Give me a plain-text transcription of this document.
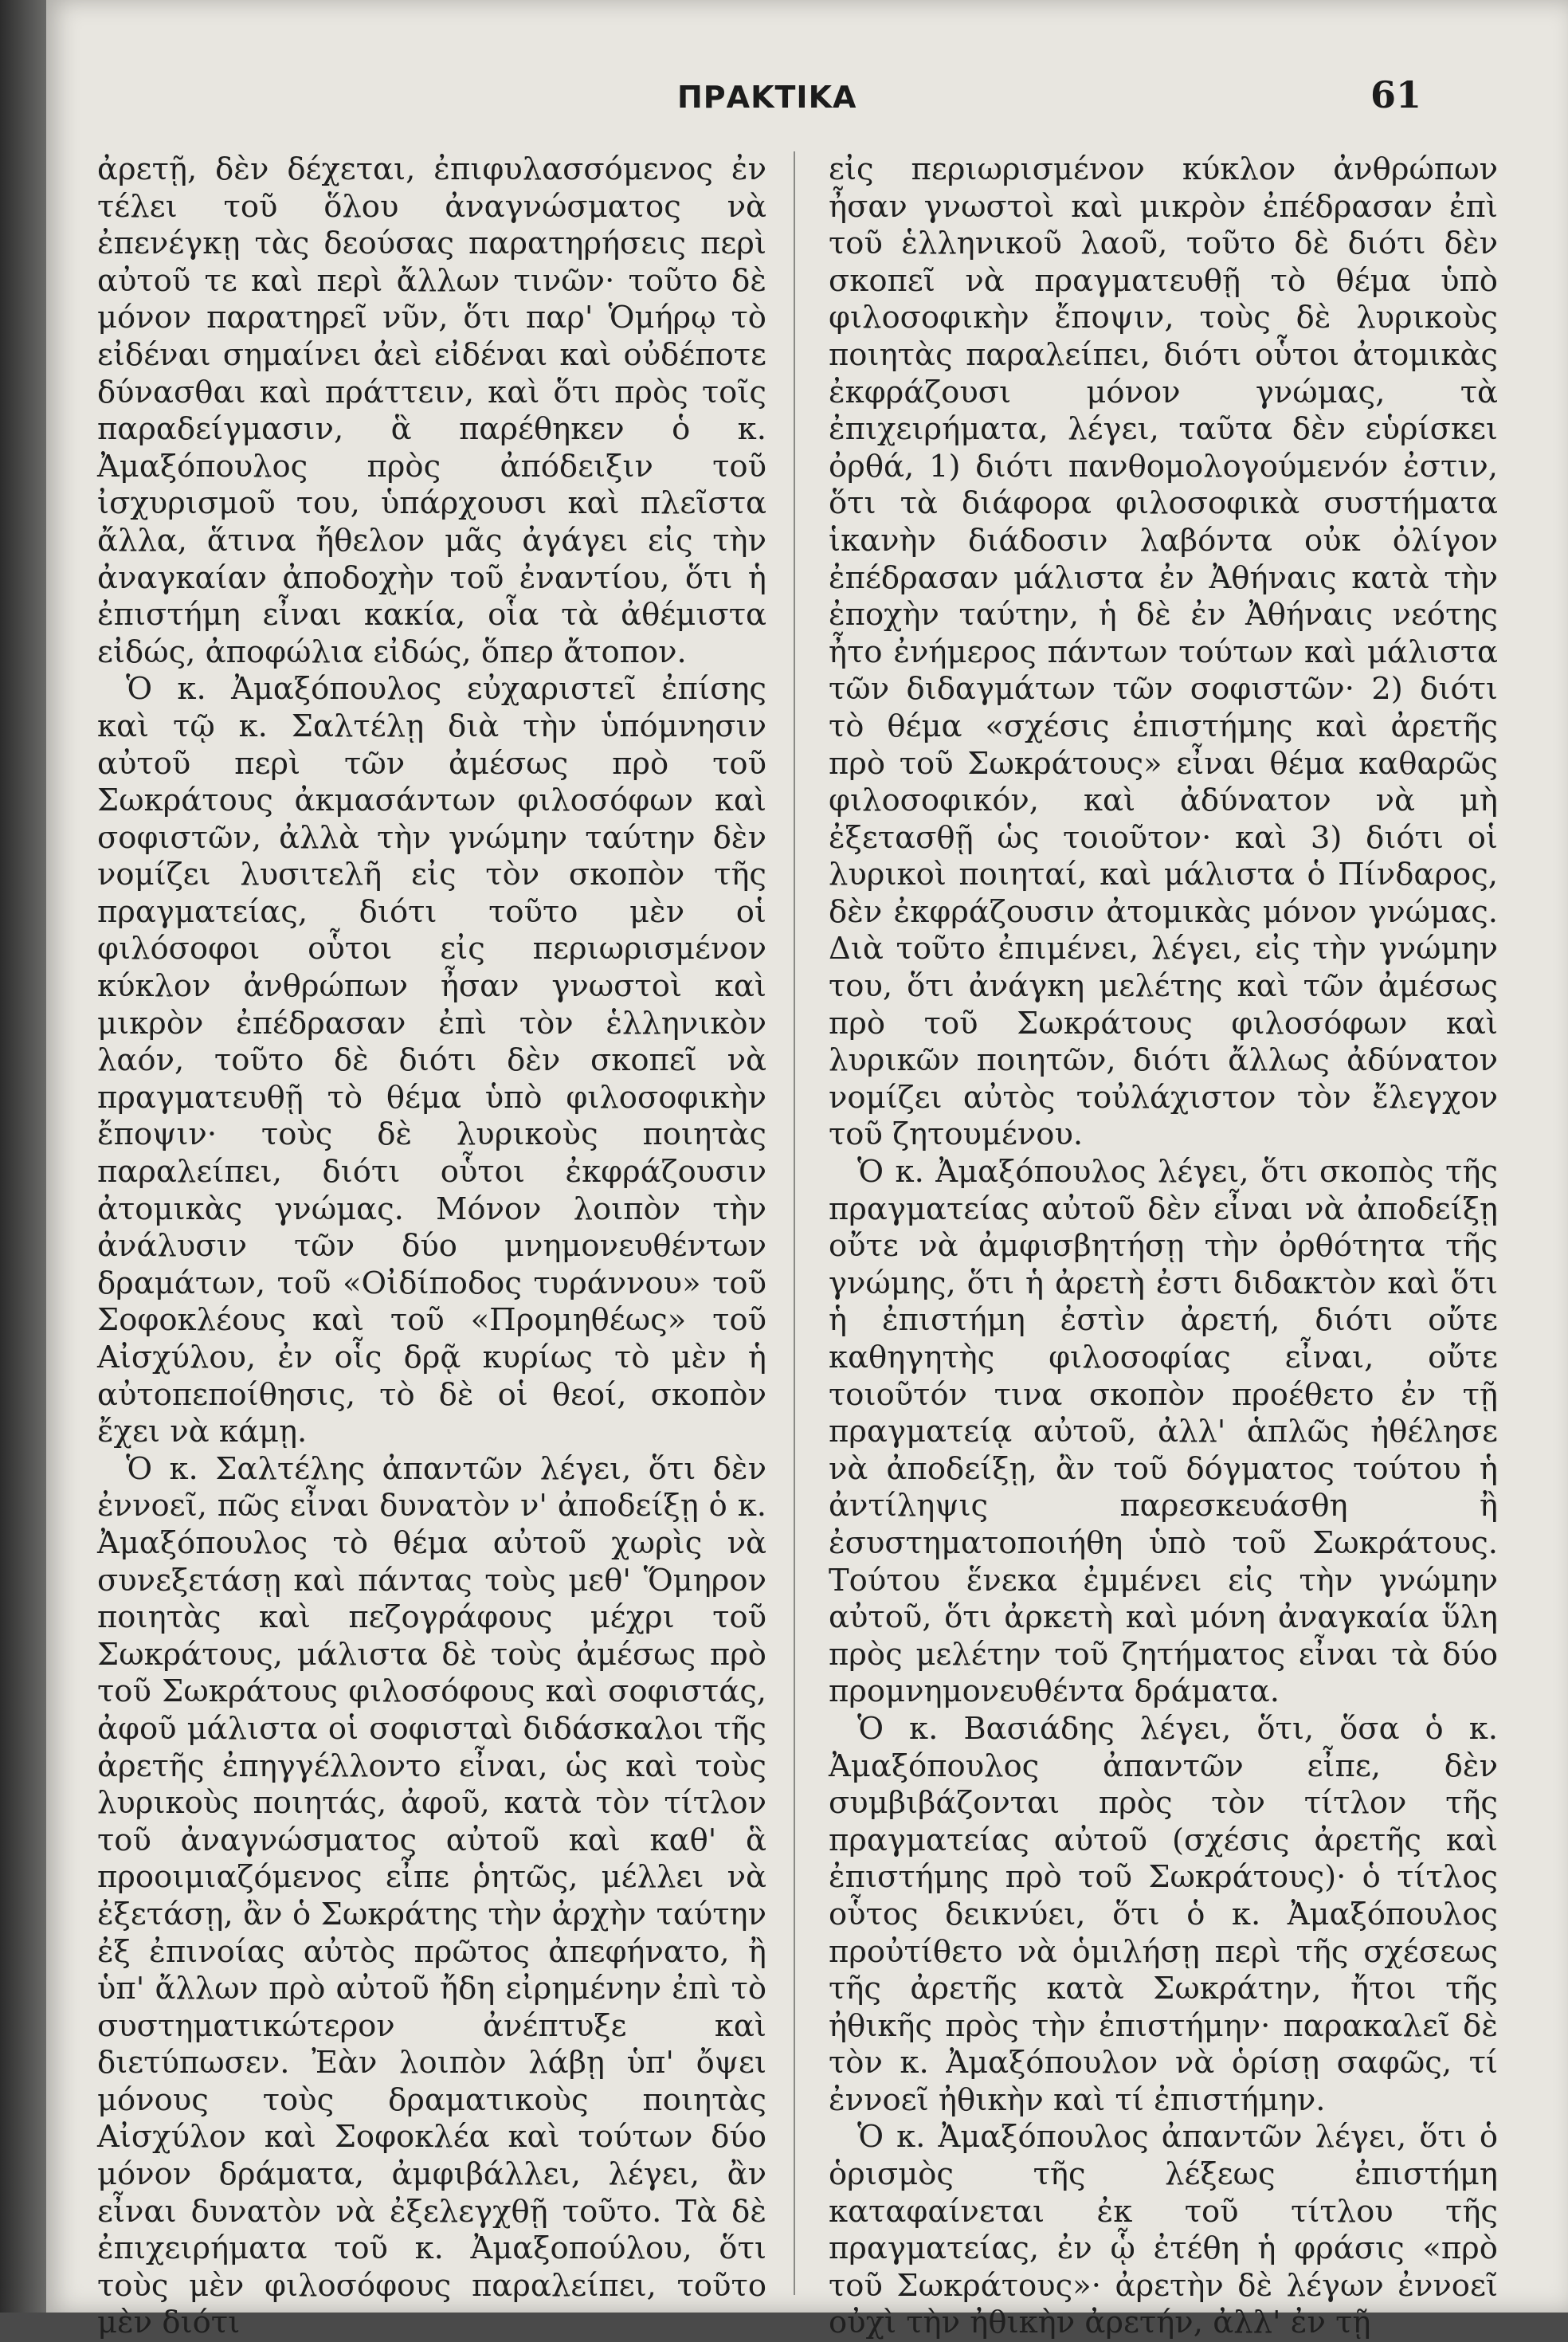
ΠΡΑΚΤΙΚΑ	61

ἀρετῇ, δὲν δέχεται, ἐπιφυλασσόμενος ἐν τέλει τοῦ ὅλου ἀναγνώσματος νὰ ἐπενέγκῃ τὰς δεούσας παρατηρήσεις περὶ αὐτοῦ τε καὶ περὶ ἄλλων τινῶν· τοῦτο δὲ μόνον παρατηρεῖ νῦν, ὅτι παρ' Ὁμήρῳ τὸ εἰδέναι σημαίνει ἀεὶ εἰδέναι καὶ οὐδέποτε δύνασθαι καὶ πράττειν, καὶ ὅτι πρὸς τοῖς παραδείγμασιν, ἃ παρέθηκεν ὁ κ. Ἀμαξόπουλος πρὸς ἀπόδειξιν τοῦ ἰσχυρισμοῦ του, ὑπάρχουσι καὶ πλεῖστα ἄλλα, ἅτινα ἤθελον μᾶς ἀγάγει εἰς τὴν ἀναγκαίαν ἀποδοχὴν τοῦ ἐναντίου, ὅτι ἡ ἐπιστήμη εἶναι κακία, οἷα τὰ ἀθέμιστα εἰδώς, ἀποφώλια εἰδώς, ὅπερ ἄτοπον.

Ὁ κ. Ἀμαξόπουλος εὐχαριστεῖ ἐπίσης καὶ τῷ κ. Σαλτέλῃ διὰ τὴν ὑπόμνησιν αὐτοῦ περὶ τῶν ἀμέσως πρὸ τοῦ Σωκράτους ἀκμασάντων φιλοσόφων καὶ σοφιστῶν, ἀλλὰ τὴν γνώμην ταύτην δὲν νομίζει λυσιτελῆ εἰς τὸν σκοπὸν τῆς πραγματείας, διότι τοῦτο μὲν οἱ φιλόσοφοι οὗτοι εἰς περιωρισμένον κύκλον ἀνθρώπων ἦσαν γνωστοὶ καὶ μικρὸν ἐπέδρασαν ἐπὶ τὸν ἑλληνικὸν λαόν, τοῦτο δὲ διότι δὲν σκοπεῖ νὰ πραγματευθῇ τὸ θέμα ὑπὸ φιλοσοφικὴν ἔποψιν· τοὺς δὲ λυρικοὺς ποιητὰς παραλείπει, διότι οὗτοι ἐκφράζουσιν ἀτομικὰς γνώμας. Μόνον λοιπὸν τὴν ἀνάλυσιν τῶν δύο μνημονευθέντων δραμάτων, τοῦ «Οἰδίποδος τυράννου» τοῦ Σοφοκλέους καὶ τοῦ «Προμηθέως» τοῦ Αἰσχύλου, ἐν οἷς δρᾷ κυρίως τὸ μὲν ἡ αὐτοπεποίθησις, τὸ δὲ οἱ θεοί, σκοπὸν ἔχει νὰ κάμῃ.

Ὁ κ. Σαλτέλης ἀπαντῶν λέγει, ὅτι δὲν ἐννοεῖ, πῶς εἶναι δυνατὸν ν' ἀποδείξῃ ὁ κ. Ἀμαξόπουλος τὸ θέμα αὐτοῦ χωρὶς νὰ συνεξετάσῃ καὶ πάντας τοὺς μεθ' Ὅμηρον ποιητὰς καὶ πεζογράφους μέχρι τοῦ Σωκράτους, μάλιστα δὲ τοὺς ἀμέσως πρὸ τοῦ Σωκράτους φιλοσόφους καὶ σοφιστάς, ἀφοῦ μάλιστα οἱ σοφισταὶ διδάσκαλοι τῆς ἀρετῆς ἐπηγγέλλοντο εἶναι, ὡς καὶ τοὺς λυρικοὺς ποιητάς, ἀφοῦ, κατὰ τὸν τίτλον τοῦ ἀναγνώσματος αὐτοῦ καὶ καθ' ἃ προοιμιαζόμενος εἶπε ῥητῶς, μέλλει νὰ ἐξετάσῃ, ἂν ὁ Σωκράτης τὴν ἀρχὴν ταύτην ἐξ ἐπινοίας αὐτὸς πρῶτος ἀπεφήνατο, ἢ ὑπ' ἄλλων πρὸ αὐτοῦ ἤδη εἰρημένην ἐπὶ τὸ συστηματικώτερον ἀνέπτυξε καὶ διετύπωσεν. Ἐὰν λοιπὸν λάβῃ ὑπ' ὄψει μόνους τοὺς δραματικοὺς ποιητὰς Αἰσχύλον καὶ Σοφοκλέα καὶ τούτων δύο μόνον δράματα, ἀμφιβάλλει, λέγει, ἂν εἶναι δυνατὸν νὰ ἐξελεγχθῇ τοῦτο. Τὰ δὲ ἐπιχειρήματα τοῦ κ. Ἀμαξοπούλου, ὅτι τοὺς μὲν φιλοσόφους παραλείπει, τοῦτο μὲν διότι

εἰς περιωρισμένον κύκλον ἀνθρώπων ἦσαν γνωστοὶ καὶ μικρὸν ἐπέδρασαν ἐπὶ τοῦ ἑλληνικοῦ λαοῦ, τοῦτο δὲ διότι δὲν σκοπεῖ νὰ πραγματευθῇ τὸ θέμα ὑπὸ φιλοσοφικὴν ἔποψιν, τοὺς δὲ λυρικοὺς ποιητὰς παραλείπει, διότι οὗτοι ἀτομικὰς ἐκφράζουσι μόνον γνώμας, τὰ ἐπιχειρήματα, λέγει, ταῦτα δὲν εὑρίσκει ὀρθά, 1) διότι πανθομολογούμενόν ἐστιν, ὅτι τὰ διάφορα φιλοσοφικὰ συστήματα ἱκανὴν διάδοσιν λαβόντα οὐκ ὀλίγον ἐπέδρασαν μάλιστα ἐν Ἀθήναις κατὰ τὴν ἐποχὴν ταύτην, ἡ δὲ ἐν Ἀθήναις νεότης ἦτο ἐνήμερος πάντων τούτων καὶ μάλιστα τῶν διδαγμάτων τῶν σοφιστῶν· 2) διότι τὸ θέμα «σχέσις ἐπιστήμης καὶ ἀρετῆς πρὸ τοῦ Σωκράτους» εἶναι θέμα καθαρῶς φιλοσοφικόν, καὶ ἀδύνατον νὰ μὴ ἐξετασθῇ ὡς τοιοῦτον· καὶ 3) διότι οἱ λυρικοὶ ποιηταί, καὶ μάλιστα ὁ Πίνδαρος, δὲν ἐκφράζουσιν ἀτομικὰς μόνον γνώμας. Διὰ τοῦτο ἐπιμένει, λέγει, εἰς τὴν γνώμην του, ὅτι ἀνάγκη μελέτης καὶ τῶν ἀμέσως πρὸ τοῦ Σωκράτους φιλοσόφων καὶ λυρικῶν ποιητῶν, διότι ἄλλως ἀδύνατον νομίζει αὐτὸς τοὐλάχιστον τὸν ἔλεγχον τοῦ ζητουμένου.

Ὁ κ. Ἀμαξόπουλος λέγει, ὅτι σκοπὸς τῆς πραγματείας αὐτοῦ δὲν εἶναι νὰ ἀποδείξῃ οὔτε νὰ ἀμφισβητήσῃ τὴν ὀρθότητα τῆς γνώμης, ὅτι ἡ ἀρετὴ ἐστι διδακτὸν καὶ ὅτι ἡ ἐπιστήμη ἐστὶν ἀρετή, διότι οὔτε καθηγητὴς φιλοσοφίας εἶναι, οὔτε τοιοῦτόν τινα σκοπὸν προέθετο ἐν τῇ πραγματείᾳ αὐτοῦ, ἀλλ' ἁπλῶς ἠθέλησε νὰ ἀποδείξῃ, ἂν τοῦ δόγματος τούτου ἡ ἀντίληψις παρεσκευάσθη ἢ ἐσυστηματοποιήθη ὑπὸ τοῦ Σωκράτους. Τούτου ἕνεκα ἐμμένει εἰς τὴν γνώμην αὐτοῦ, ὅτι ἀρκετὴ καὶ μόνη ἀναγκαία ὕλη πρὸς μελέτην τοῦ ζητήματος εἶναι τὰ δύο προμνημονευθέντα δράματα.

Ὁ κ. Βασιάδης λέγει, ὅτι, ὅσα ὁ κ. Ἀμαξόπουλος ἀπαντῶν εἶπε, δὲν συμβιβάζονται πρὸς τὸν τίτλον τῆς πραγματείας αὐτοῦ (σχέσις ἀρετῆς καὶ ἐπιστήμης πρὸ τοῦ Σωκράτους)· ὁ τίτλος οὗτος δεικνύει, ὅτι ὁ κ. Ἀμαξόπουλος προὐτίθετο νὰ ὁμιλήσῃ περὶ τῆς σχέσεως τῆς ἀρετῆς κατὰ Σωκράτην, ἤτοι τῆς ἠθικῆς πρὸς τὴν ἐπιστήμην· παρακαλεῖ δὲ τὸν κ. Ἀμαξόπουλον νὰ ὁρίσῃ σαφῶς, τί ἐννοεῖ ἠθικὴν καὶ τί ἐπιστήμην.

Ὁ κ. Ἀμαξόπουλος ἀπαντῶν λέγει, ὅτι ὁ ὁρισμὸς τῆς λέξεως ἐπιστήμη καταφαίνεται ἐκ τοῦ τίτλου τῆς πραγματείας, ἐν ᾧ ἐτέθη ἡ φράσις «πρὸ τοῦ Σωκράτους»· ἀρετὴν δὲ λέγων ἐννοεῖ οὐχὶ τὴν ἠθικὴν ἀρετήν, ἀλλ' ἐν τῇ
